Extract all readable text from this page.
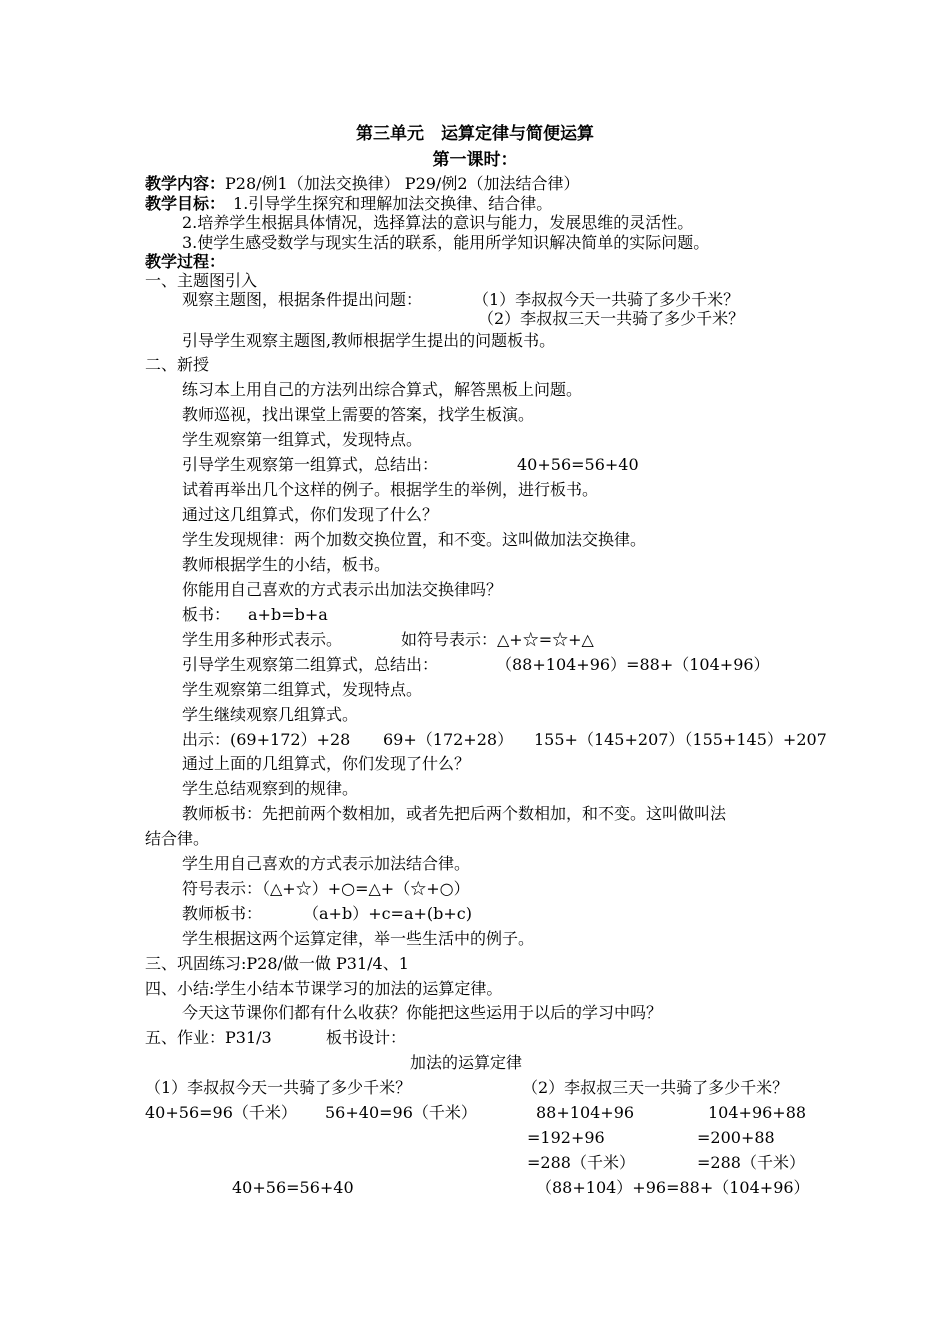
第三单元　运算定律与简便运算
第一课时：
教学内容：P28/例1（加法交换律） P29/例2（加法结合律）
教学目标：　1.引导学生探究和理解加法交换律、结合律。
2.培养学生根据具体情况，选择算法的意识与能力，发展思维的灵活性。
3.使学生感受数学与现实生活的联系，能用所学知识解决简单的实际问题。
教学过程：
一、主题图引入
观察主题图，根据条件提出问题：	（1）李叔叔今天一共骑了多少千米？
（2）李叔叔三天一共骑了多少千米？
引导学生观察主题图,教师根据学生提出的问题板书。
二、新授
练习本上用自己的方法列出综合算式，解答黑板上问题。
教师巡视，找出课堂上需要的答案，找学生板演。
学生观察第一组算式，发现特点。
引导学生观察第一组算式，总结出：	40+56=56+40
试着再举出几个这样的例子。根据学生的举例，进行板书。
通过这几组算式，你们发现了什么？
学生发现规律：两个加数交换位置，和不变。这叫做加法交换律。
教师根据学生的小结，板书。
你能用自己喜欢的方式表示出加法交换律吗？
板书： a+b=b+a
学生用多种形式表示。	如符号表示：△+☆=☆+△
引导学生观察第二组算式，总结出：	（88+104+96）=88+（104+96）
学生观察第二组算式，发现特点。
学生继续观察几组算式。
出示：(69+172）+28 69+（172+28） 155+（145+207）（155+145）+207
通过上面的几组算式，你们发现了什么？
学生总结观察到的规律。
教师板书：先把前两个数相加，或者先把后两个数相加，和不变。这叫做叫法
结合律。
学生用自己喜欢的方式表示加法结合律。
符号表示：（△+☆）+○=△+（☆+○）
教师板书：	（a+b）+c=a+(b+c)
学生根据这两个运算定律，举一些生活中的例子。
三、巩固练习:P28/做一做 P31/4、1
四、小结:学生小结本节课学习的加法的运算定律。
今天这节课你们都有什么收获？你能把这些运用于以后的学习中吗？
五、作业：P31/3	板书设计：
加法的运算定律
（1）李叔叔今天一共骑了多少千米？	（2）李叔叔三天一共骑了多少千米？
40+56=96（千米） 56+40=96（千米）	88+104+96	104+96+88
=192+96	=200+88
=288（千米）	=288（千米）
40+56=56+40	（88+104）+96=88+（104+96）
